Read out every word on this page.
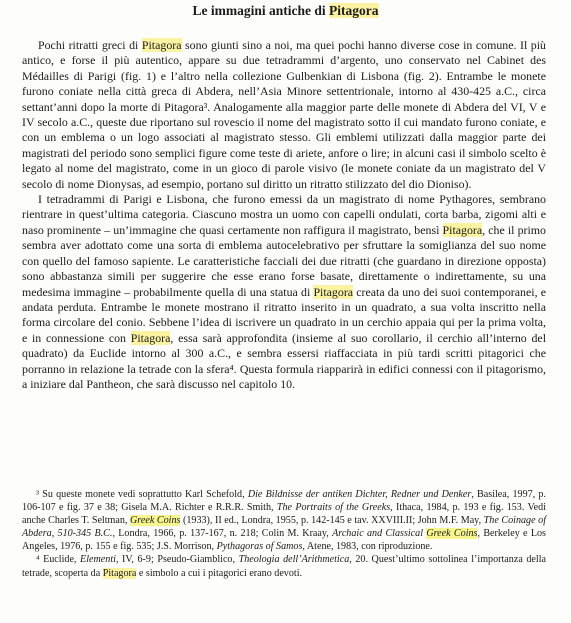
Le immagini antiche di Pitagora

Pochi ritratti greci di Pitagora sono giunti sino a noi, ma quei pochi hanno diverse cose in comune. Il più antico, e forse il più autentico, appare su due tetradrammi d’argento, uno conservato nel Cabinet des Médailles di Parigi (fig. 1) e l’altro nella collezione Gulbenkian di Lisbona (fig. 2). Entrambe le monete furono coniate nella città greca di Abdera, nell’Asia Minore settentrionale, intorno al 430-425 a.C., circa settant’anni dopo la morte di Pitagora³. Analogamente alla maggior parte delle monete di Abdera del VI, V e IV secolo a.C., queste due riportano sul rovescio il nome del magistrato sotto il cui mandato furono coniate, e con un emblema o un logo associati al magistrato stesso. Gli emblemi utilizzati dalla maggior parte dei magistrati del periodo sono semplici figure come teste di ariete, anfore o lire; in alcuni casi il simbolo scelto è legato al nome del magistrato, come in un gioco di parole visivo (le monete coniate da un magistrato del V secolo di nome Dionysas, ad esempio, portano sul diritto un ritratto stilizzato del dio Dioniso).

I tetradrammi di Parigi e Lisbona, che furono emessi da un magistrato di nome Pythagores, sembrano rientrare in quest’ultima categoria. Ciascuno mostra un uomo con capelli ondulati, corta barba, zigomi alti e naso prominente – un’immagine che quasi certamente non raffigura il magistrato, bensì Pitagora, che il primo sembra aver adottato come una sorta di emblema autocelebrativo per sfruttare la somiglianza del suo nome con quello del famoso sapiente. Le caratteristiche facciali dei due ritratti (che guardano in direzione opposta) sono abbastanza simili per suggerire che esse erano forse basate, direttamente o indirettamente, su una medesima immagine – probabilmente quella di una statua di Pitagora creata da uno dei suoi contemporanei, e andata perduta. Entrambe le monete mostrano il ritratto inserito in un quadrato, a sua volta inscritto nella forma circolare del conio. Sebbene l’idea di iscrivere un quadrato in un cerchio appaia qui per la prima volta, e in connessione con Pitagora, essa sarà approfondita (insieme al suo corollario, il cerchio all’interno del quadrato) da Euclide intorno al 300 a.C., e sembra essersi riaffacciata in più tardi scritti pitagorici che porranno in relazione la tetrade con la sfera⁴. Questa formula riapparirà in edifici connessi con il pitagorismo, a iniziare dal Pantheon, che sarà discusso nel capitolo 10.

³ Su queste monete vedi soprattutto Karl Schefold, Die Bildnisse der antiken Dichter, Redner und Denker, Basilea, 1997, p. 106-107 e fig. 37 e 38; Gisela M.A. Richter e R.R.R. Smith, The Portraits of the Greeks, Ithaca, 1984, p. 193 e fig. 153. Vedi anche Charles T. Seltman, Greek Coins (1933), II ed., Londra, 1955, p. 142-145 e tav. XXVIII.II; John M.F. May, The Coinage of Abdera, 510-345 B.C., Londra, 1966, p. 137-167, n. 218; Colin M. Kraay, Archaic and Classical Greek Coins, Berkeley e Los Angeles, 1976, p. 155 e fig. 535; J.S. Morrison, Pythagoras of Samos, Atene, 1983, con riproduzione.

⁴ Euclide, Elementi, IV, 6-9; Pseudo-Giamblico, Theologia dell’Arithmetica, 20. Quest’ultimo sottolinea l’importanza della tetrade, scoperta da Pitagora e simbolo a cui i pitagorici erano devoti.
